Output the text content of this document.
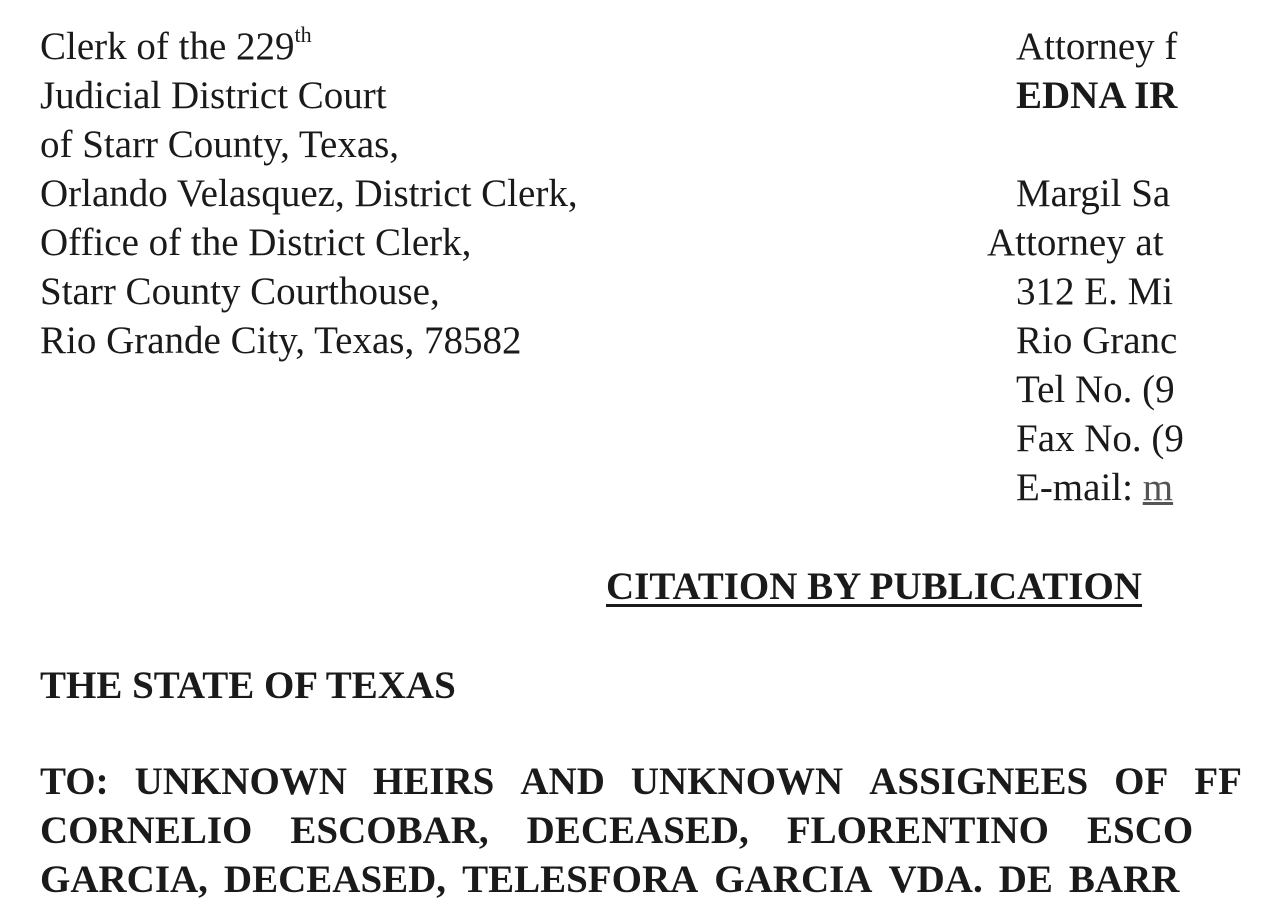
Clerk of the 229th
Judicial District Court
of Starr County, Texas,
Orlando Velasquez, District Clerk,
Office of the District Clerk,
Starr County Courthouse,
Rio Grande City, Texas, 78582
Attorney f
EDNA IR
Margil Sa
Attorney at
312 E. Mi
Rio Granc
Tel No. (9
Fax No. (9
E-mail: m
CITATION BY PUBLICATION
THE STATE OF TEXAS
TO: UNKNOWN HEIRS AND UNKNOWN ASSIGNEES OF FF
CORNELIO ESCOBAR, DECEASED, FLORENTINO ESCO
GARCIA, DECEASED, TELESFORA GARCIA VDA. DE BARR
